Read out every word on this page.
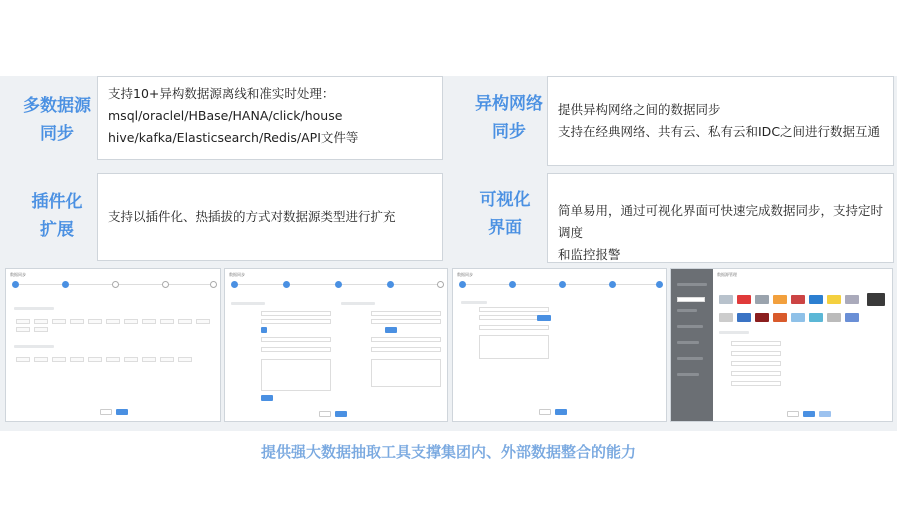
多数据源
同步
支持10+异构数据源离线和准实时处理：
msql/oraclel/HBase/HANA/click/house
hive/kafka/Elasticsearch/Redis/API文件等
异构网络
同步
提供异构网络之间的数据同步
支持在经典网络、共有云、私有云和IDC之间进行数据互通
插件化
扩展
支持以插件化、热插拔的方式对数据源类型进行扩充
可视化
界面
简单易用，通过可视化界面可快速完成数据同步，支持定时调度
和监控报警
数据同步	数据同步	数据同步	数据源管理
提供强大数据抽取工具支撑集团内、外部数据整合的能力
